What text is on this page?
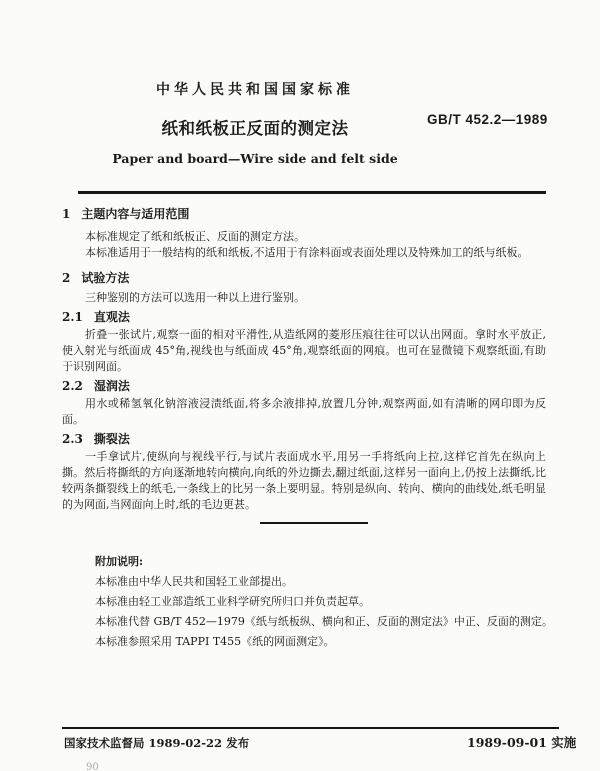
中华人民共和国国家标准
纸和纸板正反面的测定法	GB/T 452.2—1989
Paper and board—Wire side and felt side
1 主题内容与适用范围

本标准规定了纸和纸板正、反面的测定方法。

本标准适用于一般结构的纸和纸板,不适用于有涂料面或表面处理以及特殊加工的纸与纸板。

2 试验方法

三种鉴别的方法可以选用一种以上进行鉴别。

2.1 直观法

折叠一张试片,观察一面的相对平滑性,从造纸网的菱形压痕往往可以认出网面。拿时水平放正,使入射光与纸面成 45°角,视线也与纸面成 45°角,观察纸面的网痕。也可在显微镜下观察纸面,有助于识别网面。

2.2 湿润法

用水或稀氢氧化钠溶液浸渍纸面,将多余液排掉,放置几分钟,观察两面,如有清晰的网印即为反面。

2.3 撕裂法

一手拿试片,使纵向与视线平行,与试片表面成水平,用另一手将纸向上拉,这样它首先在纵向上撕。然后将撕纸的方向逐渐地转向横向,向纸的外边撕去,翻过纸面,这样另一面向上,仍按上法撕纸,比较两条撕裂线上的纸毛,一条线上的比另一条上要明显。特别是纵向、转向、横向的曲线处,纸毛明显的为网面,当网面向上时,纸的毛边更甚。

附加说明:
本标准由中华人民共和国轻工业部提出。
本标准由轻工业部造纸工业科学研究所归口并负责起草。
本标准代替 GB/T 452—1979《纸与纸板纵、横向和正、反面的测定法》中正、反面的测定。
本标准参照采用 TAPPI T455《纸的网面测定》。
国家技术监督局 1989-02-22 发布	1989-09-01 实施
90
